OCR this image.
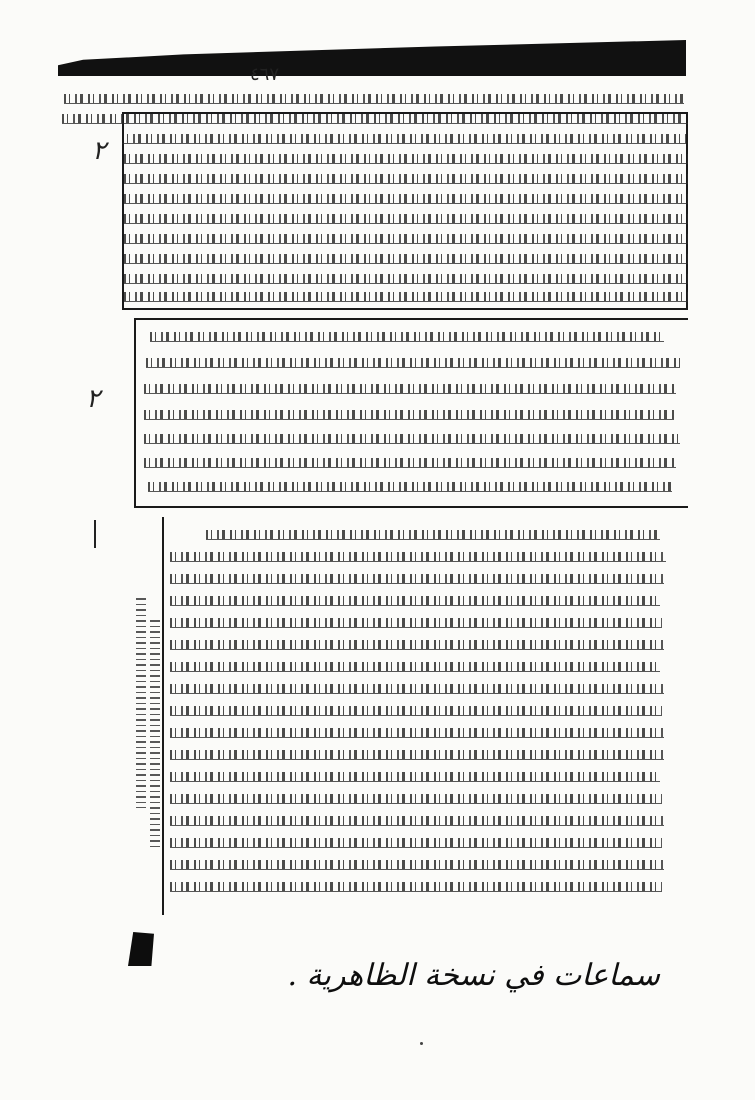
٤٦٧
٢
٢
سماعات في نسخة الظاهرية .
